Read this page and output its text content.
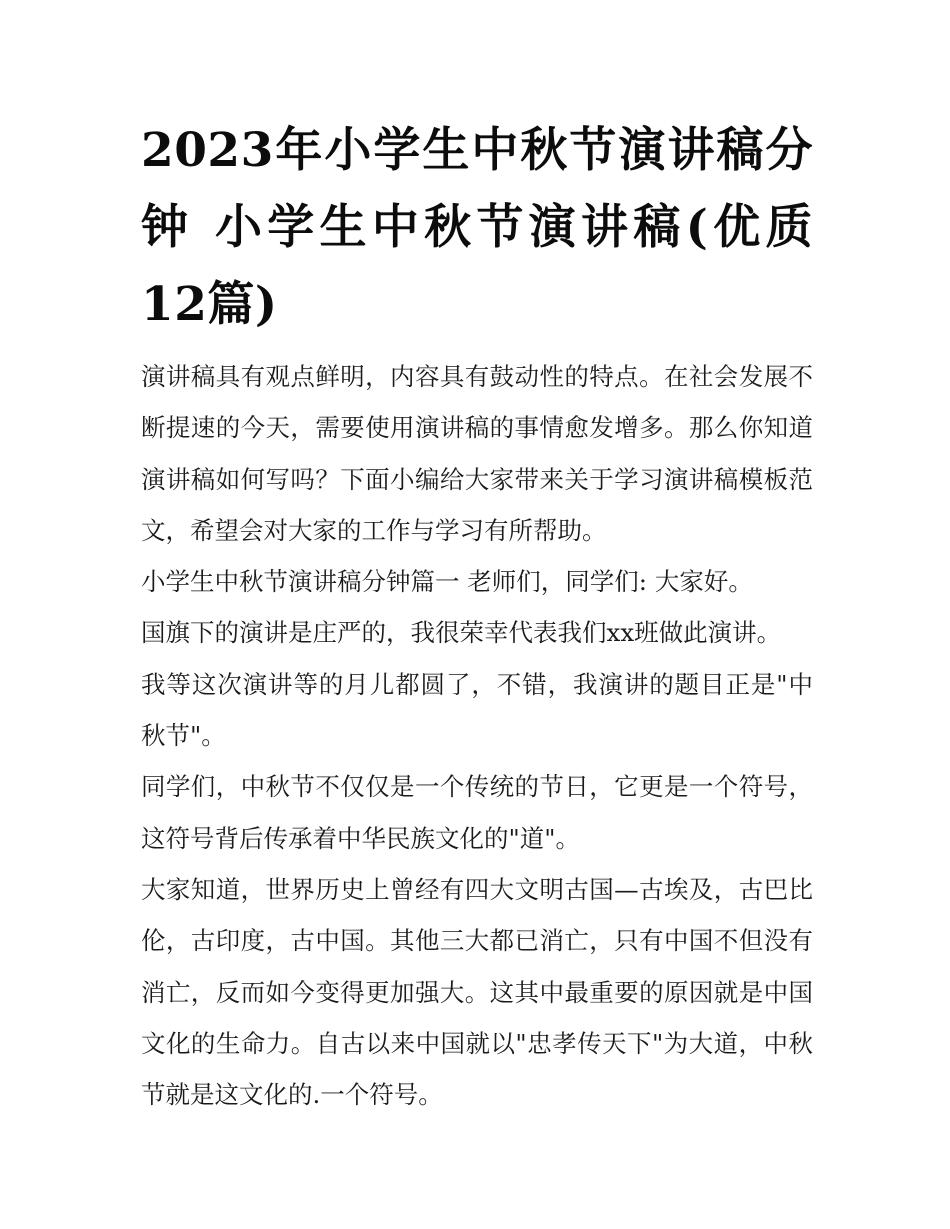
2023年小学生中秋节演讲稿分钟 小学生中秋节演讲稿(优质12篇)

演讲稿具有观点鲜明，内容具有鼓动性的特点。在社会发展不断提速的今天，需要使用演讲稿的事情愈发增多。那么你知道演讲稿如何写吗？下面小编给大家带来关于学习演讲稿模板范文，希望会对大家的工作与学习有所帮助。

小学生中秋节演讲稿分钟篇一 老师们，同学们: 大家好。

国旗下的演讲是庄严的，我很荣幸代表我们xx班做此演讲。

我等这次演讲等的月儿都圆了，不错，我演讲的题目正是"中秋节"。

同学们，中秋节不仅仅是一个传统的节日，它更是一个符号，这符号背后传承着中华民族文化的"道"。

大家知道，世界历史上曾经有四大文明古国—古埃及，古巴比伦，古印度，古中国。其他三大都已消亡，只有中国不但没有消亡，反而如今变得更加强大。这其中最重要的原因就是中国文化的生命力。自古以来中国就以"忠孝传天下"为大道，中秋节就是这文化的.一个符号。
